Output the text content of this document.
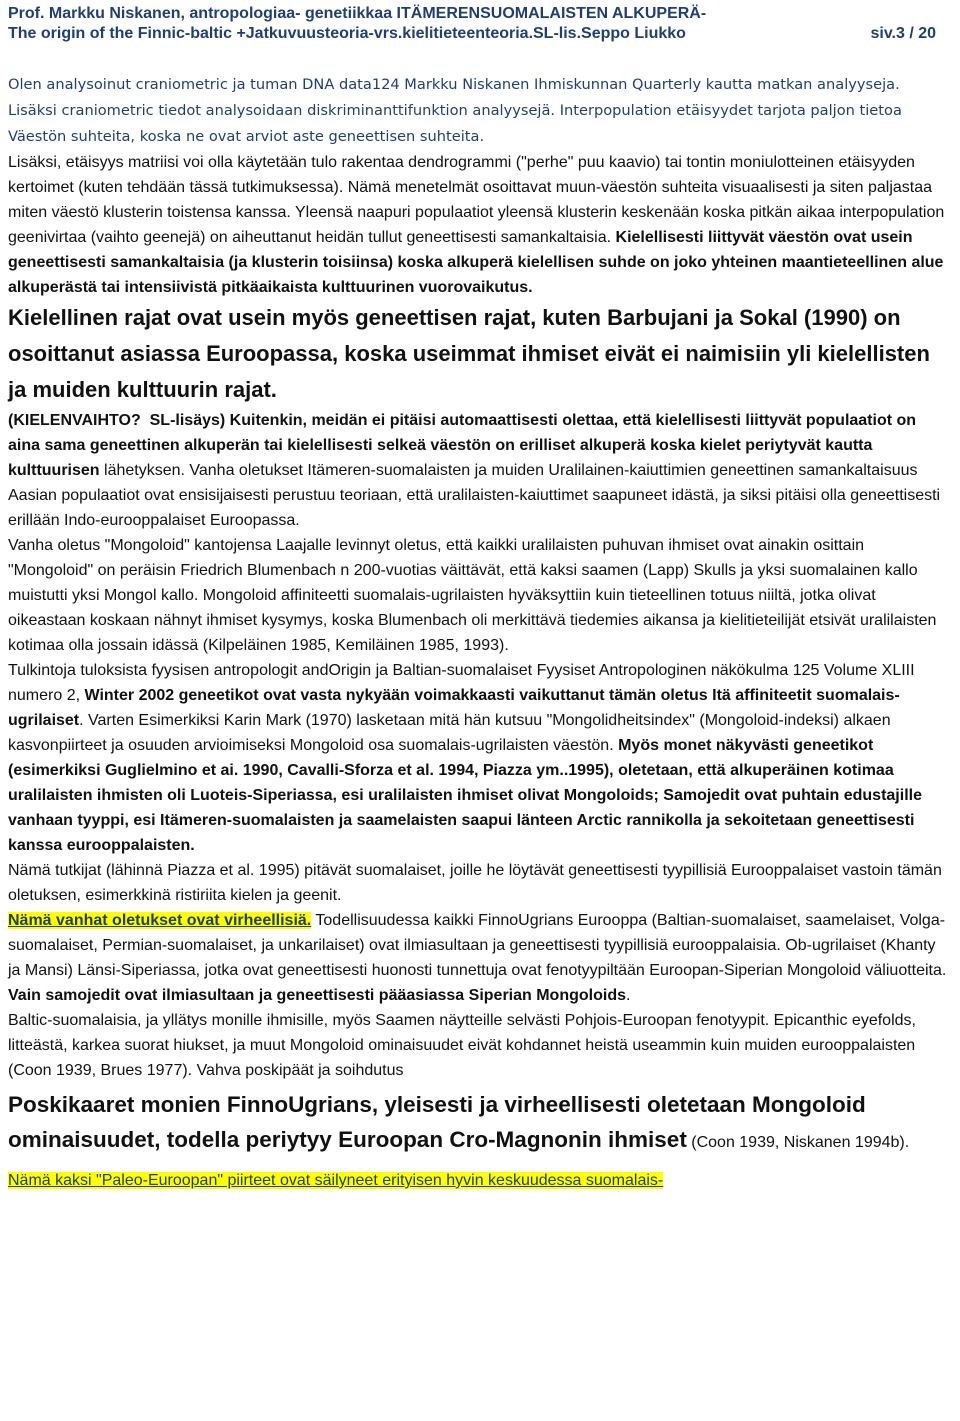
Prof. Markku Niskanen, antropologiaa- genetiikkaa ITÄMERENSUOMALAISTEN ALKUPERÄ-
The origin of the Finnic-baltic +Jatkuvuusteoria-vrs.kielitieteenteoria.SL-lis.Seppo Liukko	siv.3 / 20

Olen analysoinut craniometric ja tuman DNA data124 Markku Niskanen Ihmiskunnan Quarterly kautta matkan analyyseja. Lisäksi craniometric tiedot analysoidaan diskriminanttifunktion analyysejä. Interpopulation etäisyydet tarjota paljon tietoa Väestön suhteita, koska ne ovat arviot aste geneettisen suhteita.

Lisäksi, etäisyys matriisi voi olla käytetään tulo rakentaa dendrogrammi ("perhe" puu kaavio) tai tontin moniulotteinen etäisyyden kertoimet (kuten tehdään tässä tutkimuksessa). Nämä menetelmät osoittavat muun-väestön suhteita visuaalisesti ja siten paljastaa miten väestö klusterin toistensa kanssa. Yleensä naapuri populaatiot yleensä klusterin keskenään koska pitkän aikaa interpopulation geenivirtaa (vaihto geenejä) on aiheuttanut heidän tullut geneettisesti samankaltaisia. Kielellisesti liittyvät väestön ovat usein geneettisesti samankaltaisia (ja klusterin toisiinsa) koska alkuperä kielellisen suhde on joko yhteinen maantieteellinen alue alkuperästä tai intensiivistä pitkäaikaista kulttuurinen vuorovaikutus.

Kielellinen rajat ovat usein myös geneettisen rajat, kuten Barbujani ja Sokal (1990) on osoittanut asiassa Euroopassa, koska useimmat ihmiset eivät ei naimisiin yli kielellisten ja muiden kulttuurin rajat.

(KIELENVAIHTO?  SL-lisäys) Kuitenkin, meidän ei pitäisi automaattisesti olettaa, että kielellisesti liittyvät populaatiot on aina sama geneettinen alkuperän tai kielellisesti selkeä väestön on erilliset alkuperä koska kielet periytyvät kautta kulttuurisen lähetyksen. Vanha oletukset Itämeren-suomalaisten ja muiden Uralilainen-kaiuttimien geneettinen samankaltaisuus Aasian populaatiot ovat ensisijaisesti perustuu teoriaan, että uralilaisten-kaiuttimet saapuneet idästä, ja siksi pitäisi olla geneettisesti erillään Indo-eurooppalaiset Euroopassa.
Vanha oletus "Mongoloid" kantojensa Laajalle levinnyt oletus, että kaikki uralilaisten puhuvan ihmiset ovat ainakin osittain "Mongoloid" on peräisin Friedrich Blumenbach n 200-vuotias väittävät, että kaksi saamen (Lapp) Skulls ja yksi suomalainen kallo muistutti yksi Mongol kallo. Mongoloid affiniteetti suomalais-ugrilaisten hyväksyttiin kuin tieteellinen totuus niiltä, jotka olivat oikeastaan koskaan nähnyt ihmiset kysymys, koska Blumenbach oli merkittävä tiedemies aikansa ja kielitieteilijät etsivät uralilaisten kotimaa olla jossain idässä (Kilpeläinen 1985, Kemiläinen 1985, 1993).
Tulkintoja tuloksista fyysisen antropologit andOrigin ja Baltian-suomalaiset Fyysiset Antropologinen näkökulma 125 Volume XLIII numero 2, Winter 2002 geneetikot ovat vasta nykyään voimakkaasti vaikuttanut tämän oletus Itä affiniteetit suomalais-ugrilaiset. Varten Esimerkiksi Karin Mark (1970) lasketaan mitä hän kutsuu "Mongolidheitsindex" (Mongoloid-indeksi) alkaen kasvonpiirteet ja osuuden arvioimiseksi Mongoloid osa suomalais-ugrilaisten väestön. Myös monet näkyvästi geneetikot (esimerkiksi Guglielmino et ai. 1990, Cavalli-Sforza et al. 1994, Piazza ym..1995), oletetaan, että alkuperäinen kotimaa uralilaisten ihmisten oli Luoteis-Siperiassa, esi uralilaisten ihmiset olivat Mongoloids; Samojedit ovat puhtain edustajille vanhaan tyyppi, esi Itämeren-suomalaisten ja saamelaisten saapui länteen Arctic rannikolla ja sekoitetaan geneettisesti
kanssa eurooppalaisten.
Nämä tutkijat (lähinnä Piazza et al. 1995) pitävät suomalaiset, joille he löytävät geneettisesti tyypillisiä Eurooppalaiset vastoin tämän oletuksen, esimerkkinä ristiriita kielen ja geenit.
Nämä vanhat oletukset ovat virheellisiä. Todellisuudessa kaikki FinnoUgrians Eurooppa (Baltian-suomalaiset, saamelaiset, Volga-suomalaiset, Permian-suomalaiset, ja unkarilaiset) ovat ilmiasultaan ja geneettisesti tyypillisiä eurooppalaisia. Ob-ugrilaiset (Khanty ja Mansi) Länsi-Siperiassa, jotka ovat geneettisesti huonosti tunnettuja ovat fenotyypiltään Euroopan-Siperian Mongoloid väliuotteita.
Vain samojedit ovat ilmiasultaan ja geneettisesti pääasiassa Siperian Mongoloids.
Baltic-suomalaisia, ja yllätys monille ihmisille, myös Saamen näytteille selvästi Pohjois-Euroopan fenotyypit. Epicanthic eyefolds, litteästä, karkea suorat hiukset, ja muut Mongoloid ominaisuudet eivät kohdannet heistä useammin kuin muiden eurooppalaisten (Coon 1939, Brues 1977). Vahva poskipäät ja soihdutus

Poskikaaret monien FinnoUgrians, yleisesti ja virheellisesti oletetaan Mongoloid ominaisuudet, todella periytyy Euroopan Cro-Magnonin ihmiset (Coon 1939, Niskanen 1994b). Nämä kaksi "Paleo-Euroopan" piirteet ovat säilyneet erityisen hyvin keskuudessa suomalais-
